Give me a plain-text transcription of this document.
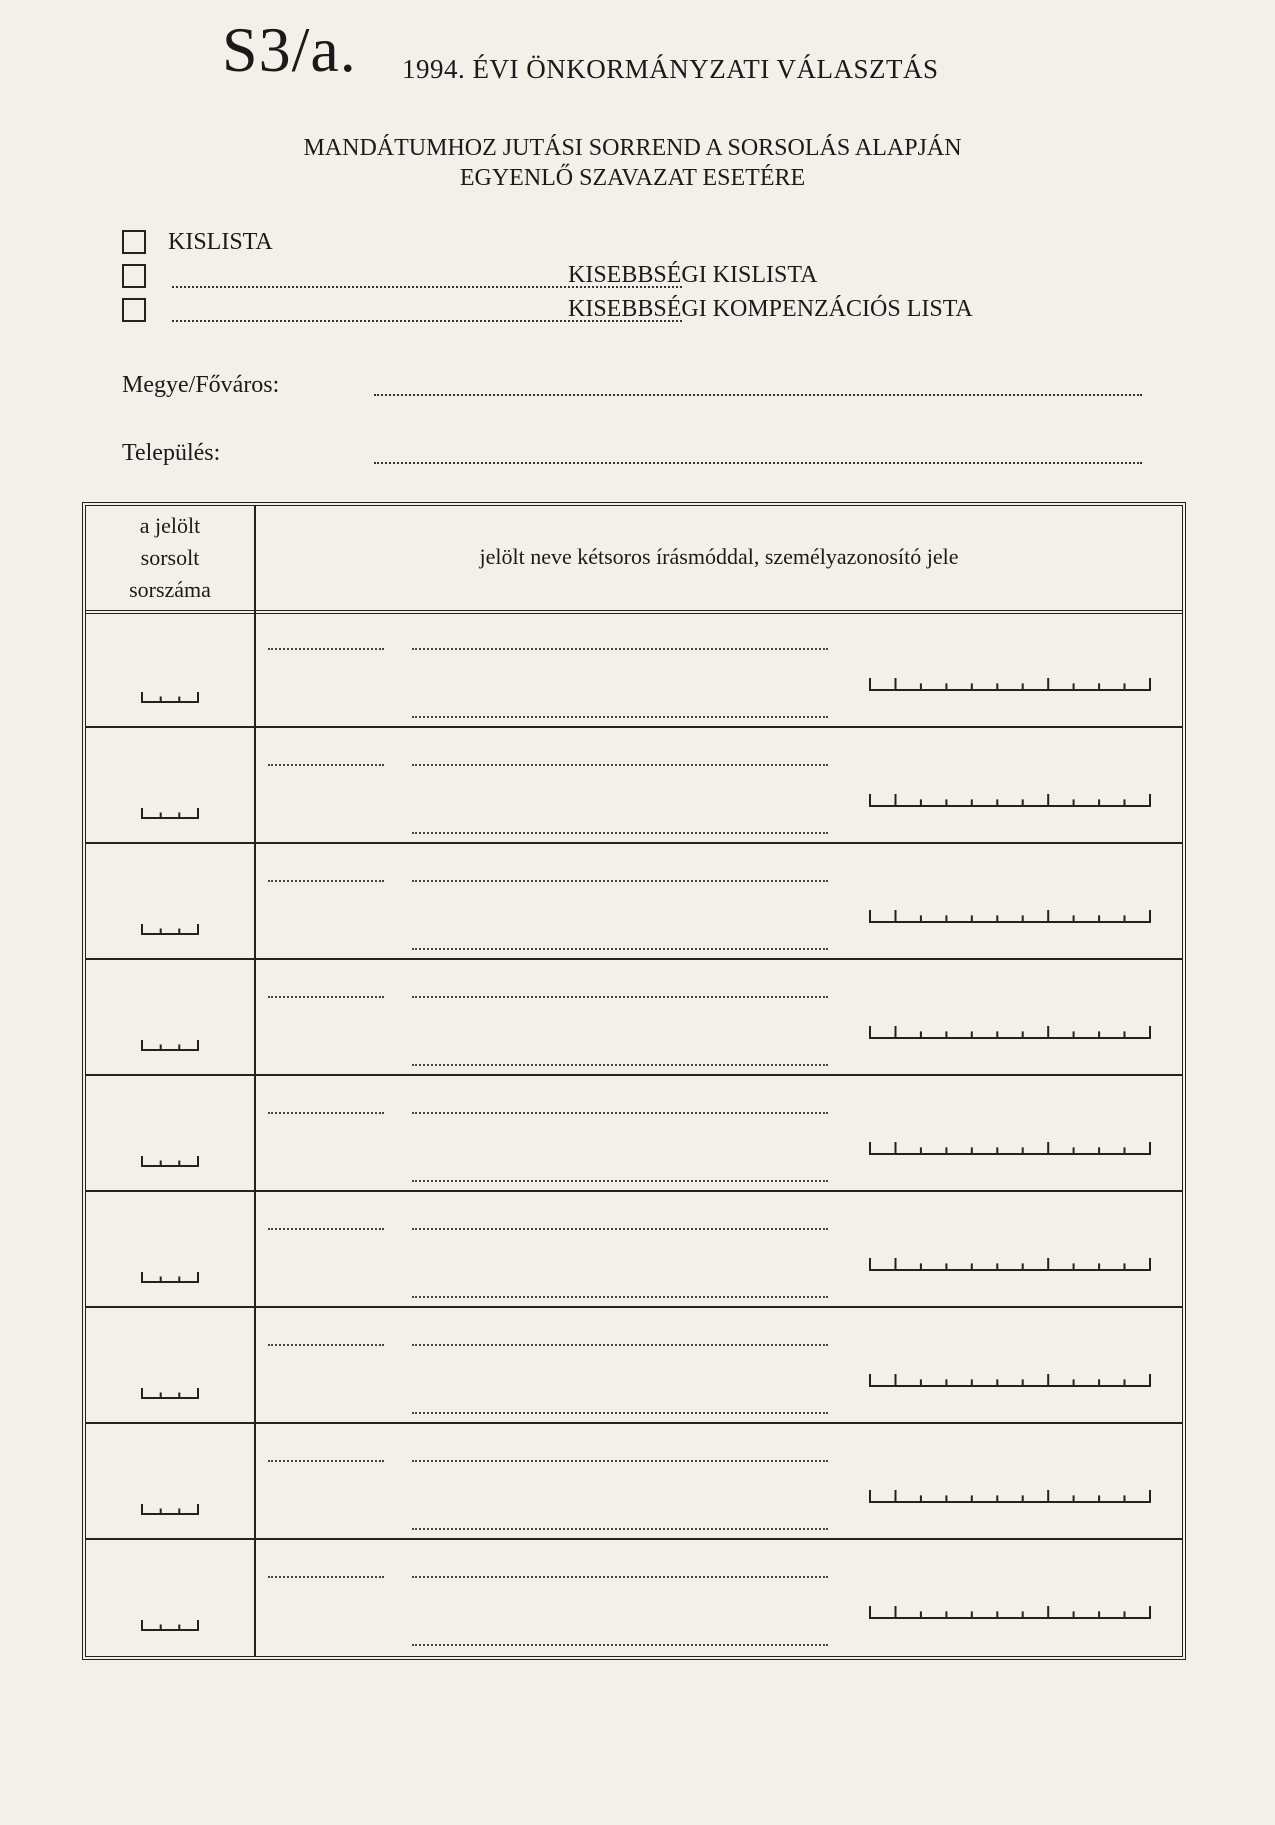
S3/a. 1994. ÉVI ÖNKORMÁNYZATI VÁLASZTÁS
MANDÁTUMHOZ JUTÁSI SORREND A SORSOLÁS ALAPJÁN
EGYENLŐ SZAVAZAT ESETÉRE
KISLISTA
KISEBBSÉGI KISLISTA
KISEBBSÉGI KOMPENZÁCIÓS LISTA
Megye/Főváros:
Település:
a jelölt
sorsolt
sorszáma
jelölt neve kétsoros írásmóddal, személyazonosító jele
